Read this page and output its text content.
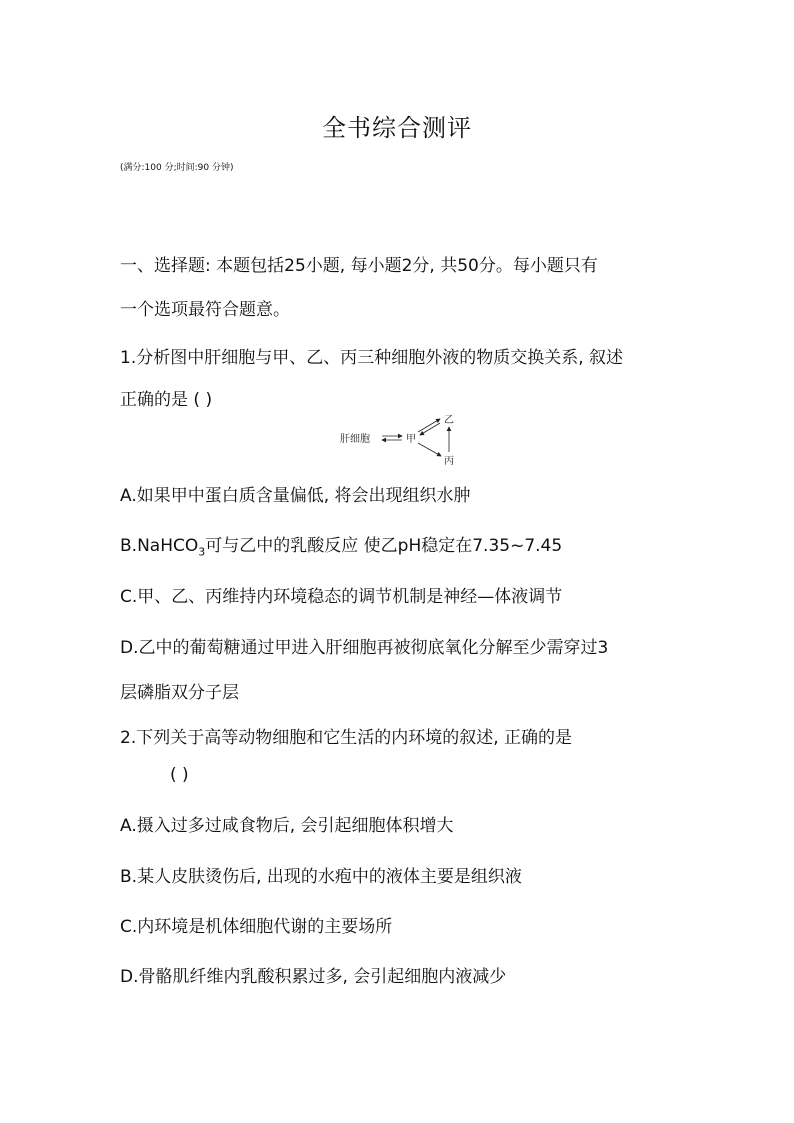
全书综合测评
(满分:100 分;时间:90 分钟)
一、选择题: 本题包括25小题, 每小题2分, 共50分。每小题只有
一个选项最符合题意。
1.分析图中肝细胞与甲、乙、丙三种细胞外液的物质交换关系, 叙述
正确的是 ( )
肝细胞	甲
乙
丙
A.如果甲中蛋白质含量偏低, 将会出现组织水肿
B.NaHCO$_3$可与乙中的乳酸反应 使乙pH稳定在7.35~7.45
C.甲、乙、丙维持内环境稳态的调节机制是神经—体液调节
D.乙中的葡萄糖通过甲进入肝细胞再被彻底氧化分解至少需穿过3
层磷脂双分子层
2.下列关于高等动物细胞和它生活的内环境的叙述, 正确的是
( )
A.摄入过多过咸食物后, 会引起细胞体积增大
B.某人皮肤烫伤后, 出现的水疱中的液体主要是组织液
C.内环境是机体细胞代谢的主要场所
D.骨骼肌纤维内乳酸积累过多, 会引起细胞内液减少
